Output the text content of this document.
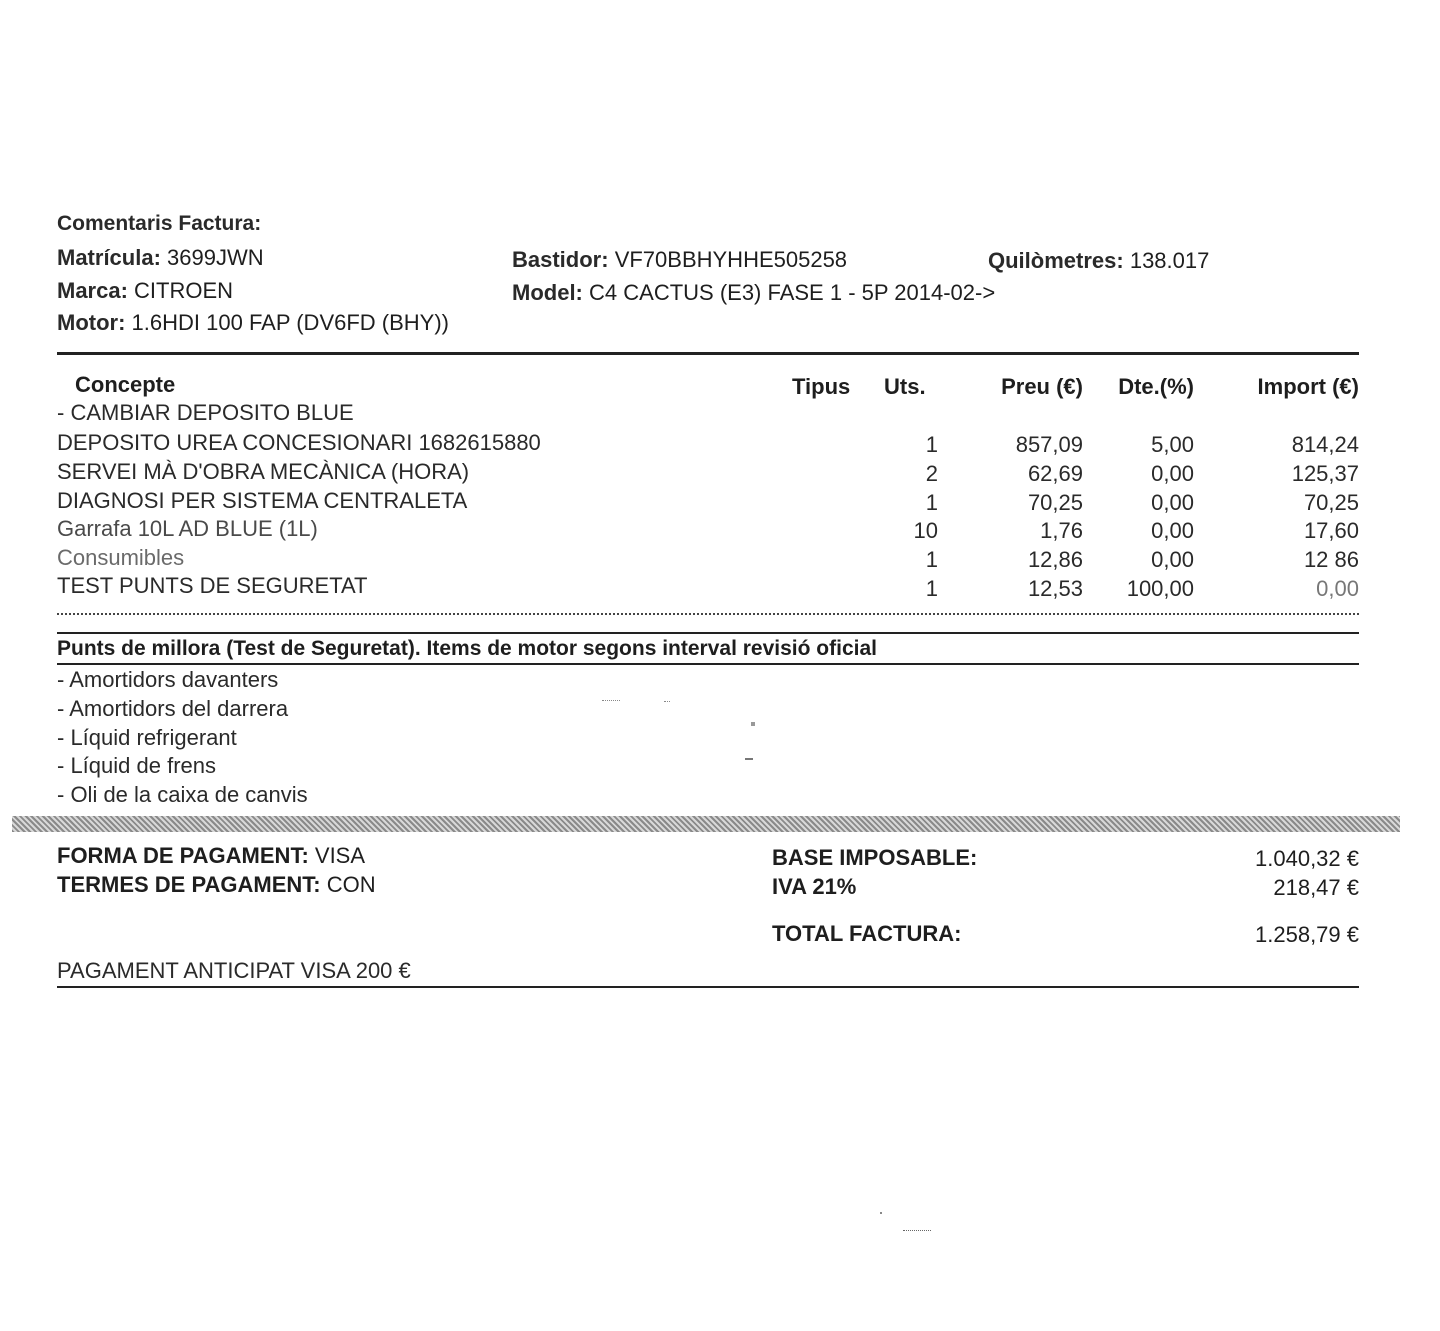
Comentaris Factura:
Matrícula: 3699JWN
Marca: CITROEN
Motor: 1.6HDI 100 FAP (DV6FD (BHY))
Bastidor: VF70BBHYHHE505258
Model: C4 CACTUS (E3) FASE 1 - 5P 2014-02->
Quilòmetres: 138.017
Concepte	Tipus Uts.	Preu (€)	Dte.(%)	Import (€)
- CAMBIAR DEPOSITO BLUE
DEPOSITO UREA CONCESIONARI 1682615880	1	857,09	5,00	814,24
SERVEI MÀ D'OBRA MECÀNICA (HORA)	2	62,69	0,00	125,37
DIAGNOSI PER SISTEMA CENTRALETA	1	70,25	0,00	70,25
Garrafa 10L AD BLUE (1L)	10	1,76	0,00	17,60
Consumibles	1	12,86	0,00	12 86
TEST PUNTS DE SEGURETAT	1	12,53	100,00	0,00
Punts de millora (Test de Seguretat). Items de motor segons interval revisió oficial
- Amortidors davanters
- Amortidors del darrera
- Líquid refrigerant
- Líquid de frens
- Oli de la caixa de canvis
FORMA DE PAGAMENT: VISA
TERMES DE PAGAMENT: CON
BASE IMPOSABLE:	1.040,32 €
IVA 21%	218,47 €
TOTAL FACTURA:	1.258,79 €
PAGAMENT ANTICIPAT VISA 200 €
